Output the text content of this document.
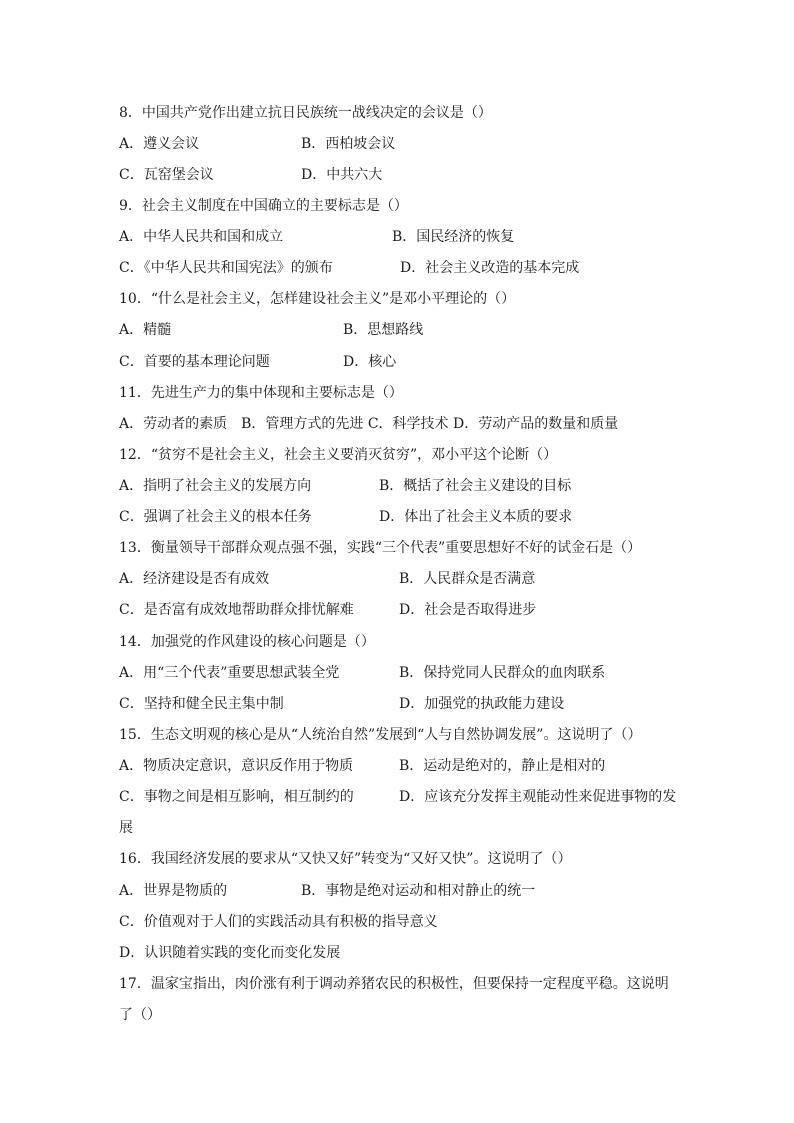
8．中国共产党作出建立抗日民族统一战线决定的会议是（）
A．遵义会议	B．西柏坡会议
C．瓦窑堡会议	D．中共六大
9．社会主义制度在中国确立的主要标志是（）
A．中华人民共和国和成立	B．国民经济的恢复
C．《中华人民共和国宪法》的颁布	D．社会主义改造的基本完成
10．“什么是社会主义，怎样建设社会主义”是邓小平理论的（）
A．精髓	B．思想路线
C．首要的基本理论问题	D．核心
11．先进生产力的集中体现和主要标志是（）
A．劳动者的素质　B．管理方式的先进 C．科学技术 D．劳动产品的数量和质量
12．“贫穷不是社会主义，社会主义要消灭贫穷”，邓小平这个论断（）
A．指明了社会主义的发展方向	B．概括了社会主义建设的目标
C．强调了社会主义的根本任务	D．体出了社会主义本质的要求
13．衡量领导干部群众观点强不强，实践“三个代表”重要思想好不好的试金石是（）
A．经济建设是否有成效	B．人民群众是否满意
C．是否富有成效地帮助群众排忧解难	D．社会是否取得进步
14．加强党的作风建设的核心问题是（）
A．用“三个代表”重要思想武装全党	B．保持党同人民群众的血肉联系
C．坚持和健全民主集中制	D．加强党的执政能力建设
15．生态文明观的核心是从“人统治自然”发展到“人与自然协调发展”。这说明了（）
A．物质决定意识，意识反作用于物质	B．运动是绝对的，静止是相对的
C．事物之间是相互影响，相互制约的	D．应该充分发挥主观能动性来促进事物的发
展
16．我国经济发展的要求从“又快又好”转变为“又好又快”。这说明了（）
A．世界是物质的	B．事物是绝对运动和相对静止的统一
C．价值观对于人们的实践活动具有积极的指导意义
D．认识随着实践的变化而变化发展
17．温家宝指出，肉价涨有利于调动养猪农民的积极性，但要保持一定程度平稳。这说明
了（）
